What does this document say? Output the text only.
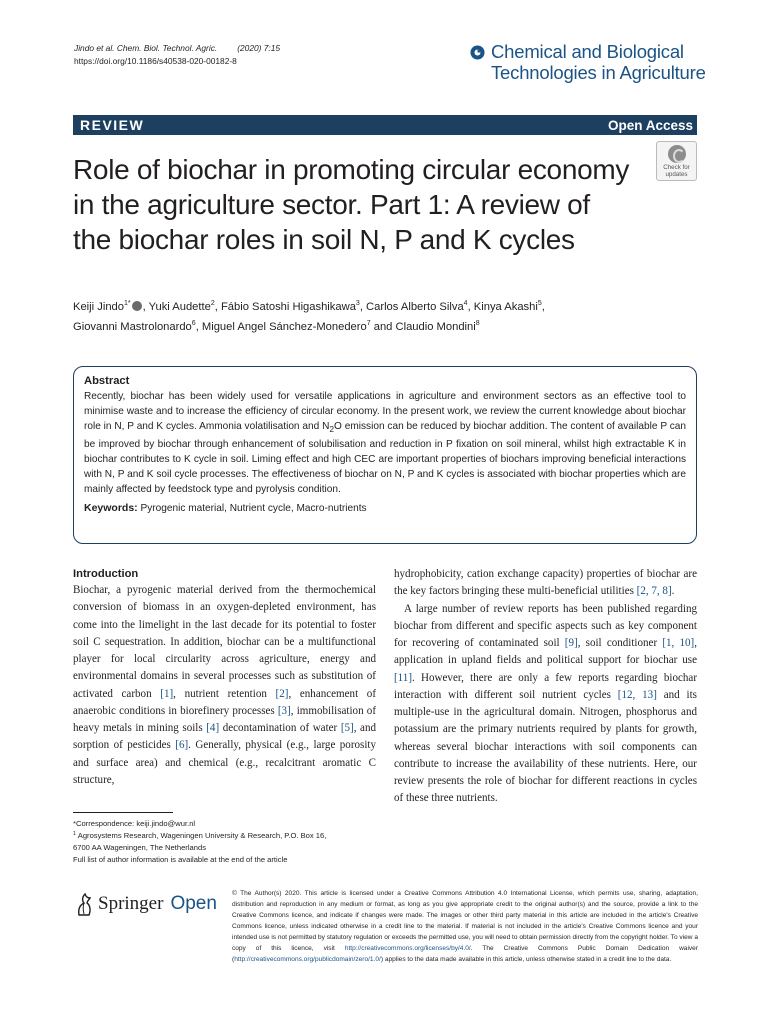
Jindo et al. Chem. Biol. Technol. Agric. (2020) 7:15
https://doi.org/10.1186/s40538-020-00182-8	Chemical and Biological
Technologies in Agriculture
REVIEW	Open Access
Role of biochar in promoting circular economy in the agriculture sector. Part 1: A review of the biochar roles in soil N, P and K cycles
Check for
updates
Keiji Jindo$^{1*}$ , Yuki Audette$^2$, Fábio Satoshi Higashikawa$^3$, Carlos Alberto Silva$^4$, Kinya Akashi$^5$,
Giovanni Mastrolonardo$^6$, Miguel Angel Sánchez‑Monedero$^7$ and Claudio Mondini$^8$
Abstract

Recently, biochar has been widely used for versatile applications in agriculture and environment sectors as an effective tool to minimise waste and to increase the efficiency of circular economy. In the present work, we review the current knowledge about biochar role in N, P and K cycles. Ammonia volatilisation and $N_2O$ emission can be reduced by biochar addition. The content of available P can be improved by biochar through enhancement of solubilisation and reduction in P fixation on soil mineral, whilst high extractable K in biochar contributes to K cycle in soil. Liming effect and high CEC are important properties of biochars improving beneficial interactions with N, P and K soil cycle processes. The effectiveness of biochar on N, P and K cycles is associated with biochar properties which are mainly affected by feedstock type and pyrolysis condition.

Keywords: Pyrogenic material, Nutrient cycle, Macro-nutrients
Introduction

Biochar, a pyrogenic material derived from the thermochemical conversion of biomass in an oxygen-depleted environment, has come into the limelight in the last decade for its potential to foster soil C sequestration. In addition, biochar can be a multifunctional player for local circularity across agriculture, energy and environmental domains in several processes such as substitution of activated carbon [1], nutrient retention [2], enhancement of anaerobic conditions in biorefinery processes [3], immobilisation of heavy metals in mining soils [4] decontamination of water [5], and sorption of pesticides [6]. Generally, physical (e.g., large porosity and surface area) and chemical (e.g., recalcitrant aromatic C structure,

hydrophobicity, cation exchange capacity) properties of biochar are the key factors bringing these multi-beneficial utilities [2, 7, 8].

A large number of review reports has been published regarding biochar from different and specific aspects such as key component for recovering of contaminated soil [9], soil conditioner [1, 10], application in upland fields and political support for biochar use [11]. However, there are only a few reports regarding biochar interaction with different soil nutrient cycles [12, 13] and its multiple-use in the agricultural domain. Nitrogen, phosphorus and potassium are the primary nutrients required by plants for growth, whereas several biochar interactions with soil components can contribute to increase the availability of these nutrients. Here, our review presents the role of biochar for different reactions in cycles of these three nutrients.

*Correspondence: keiji.jindo@wur.nl
$^1$ Agrosystems Research, Wageningen University & Research, P.O. Box 16,
6700 AA Wageningen, The Netherlands
Full list of author information is available at the end of the article
Springer Open © The Author(s) 2020. This article is licensed under a Creative Commons Attribution 4.0 International License, which permits use, sharing, adaptation, distribution and reproduction in any medium or format, as long as you give appropriate credit to the original author(s) and the source, provide a link to the Creative Commons licence, and indicate if changes were made. The images or other third party material in this article are included in the article's Creative Commons licence, unless indicated otherwise in a credit line to the material. If material is not included in the article's Creative Commons licence and your intended use is not permitted by statutory regulation or exceeds the permitted use, you will need to obtain permission directly from the copyright holder. To view a copy of this licence, visit http://creativecommons.org/licenses/by/4.0/. The Creative Commons Public Domain Dedication waiver (http://creativecommons.org/publicdomain/zero/1.0/) applies to the data made available in this article, unless otherwise stated in a credit line to the data.
